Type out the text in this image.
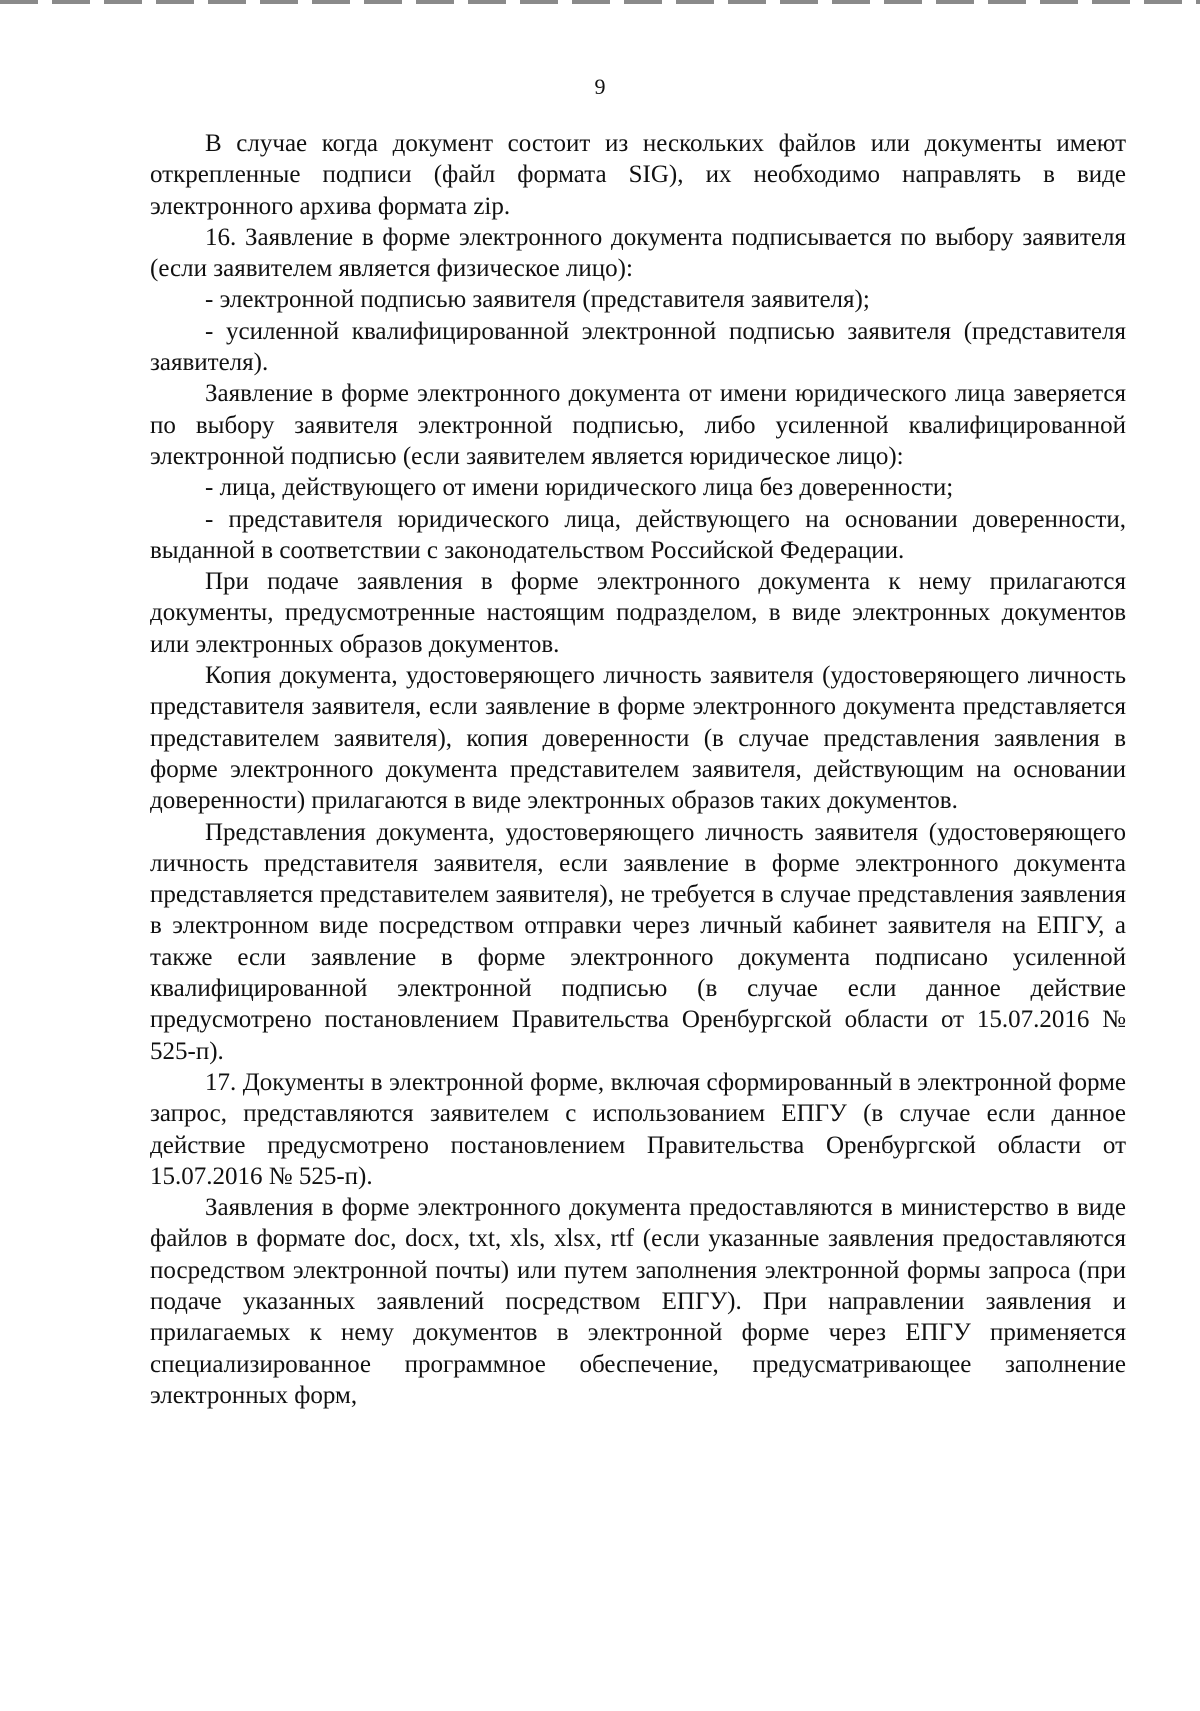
9

В случае когда документ состоит из нескольких файлов или документы имеют открепленные подписи (файл формата SIG), их необходимо направлять в виде электронного архива формата zip.

16. Заявление в форме электронного документа подписывается по выбору заявителя (если заявителем является физическое лицо):

- электронной подписью заявителя (представителя заявителя);

- усиленной квалифицированной электронной подписью заявителя (представителя заявителя).

Заявление в форме электронного документа от имени юридического лица заверяется по выбору заявителя электронной подписью, либо усиленной квалифицированной электронной подписью (если заявителем является юридическое лицо):

- лица, действующего от имени юридического лица без доверенности;

- представителя юридического лица, действующего на основании доверенности, выданной в соответствии с законодательством Российской Федерации.

При подаче заявления в форме электронного документа к нему прилагаются документы, предусмотренные настоящим подразделом, в виде электронных документов или электронных образов документов.

Копия документа, удостоверяющего личность заявителя (удостоверяющего личность представителя заявителя, если заявление в форме электронного документа представляется представителем заявителя), копия доверенности (в случае представления заявления в форме электронного документа представителем заявителя, действующим на основании доверенности) прилагаются в виде электронных образов таких документов.

Представления документа, удостоверяющего личность заявителя (удостоверяющего личность представителя заявителя, если заявление в форме электронного документа представляется представителем заявителя), не требуется в случае представления заявления в электронном виде посредством отправки через личный кабинет заявителя на ЕПГУ, а также если заявление в форме электронного документа подписано усиленной квалифицированной электронной подписью (в случае если данное действие предусмотрено постановлением Правительства Оренбургской области от 15.07.2016 № 525-п).

17. Документы в электронной форме, включая сформированный в электронной форме запрос, представляются заявителем с использованием ЕПГУ (в случае если данное действие предусмотрено постановлением Правительства Оренбургской области от 15.07.2016 № 525-п).

Заявления в форме электронного документа предоставляются в министерство в виде файлов в формате doc, docx, txt, xls, xlsx, rtf (если указанные заявления предоставляются посредством электронной почты) или путем заполнения электронной формы запроса (при подаче указанных заявлений посредством ЕПГУ). При направлении заявления и прилагаемых к нему документов в электронной форме через ЕПГУ применяется специализированное программное обеспечение, предусматривающее заполнение электронных форм,
